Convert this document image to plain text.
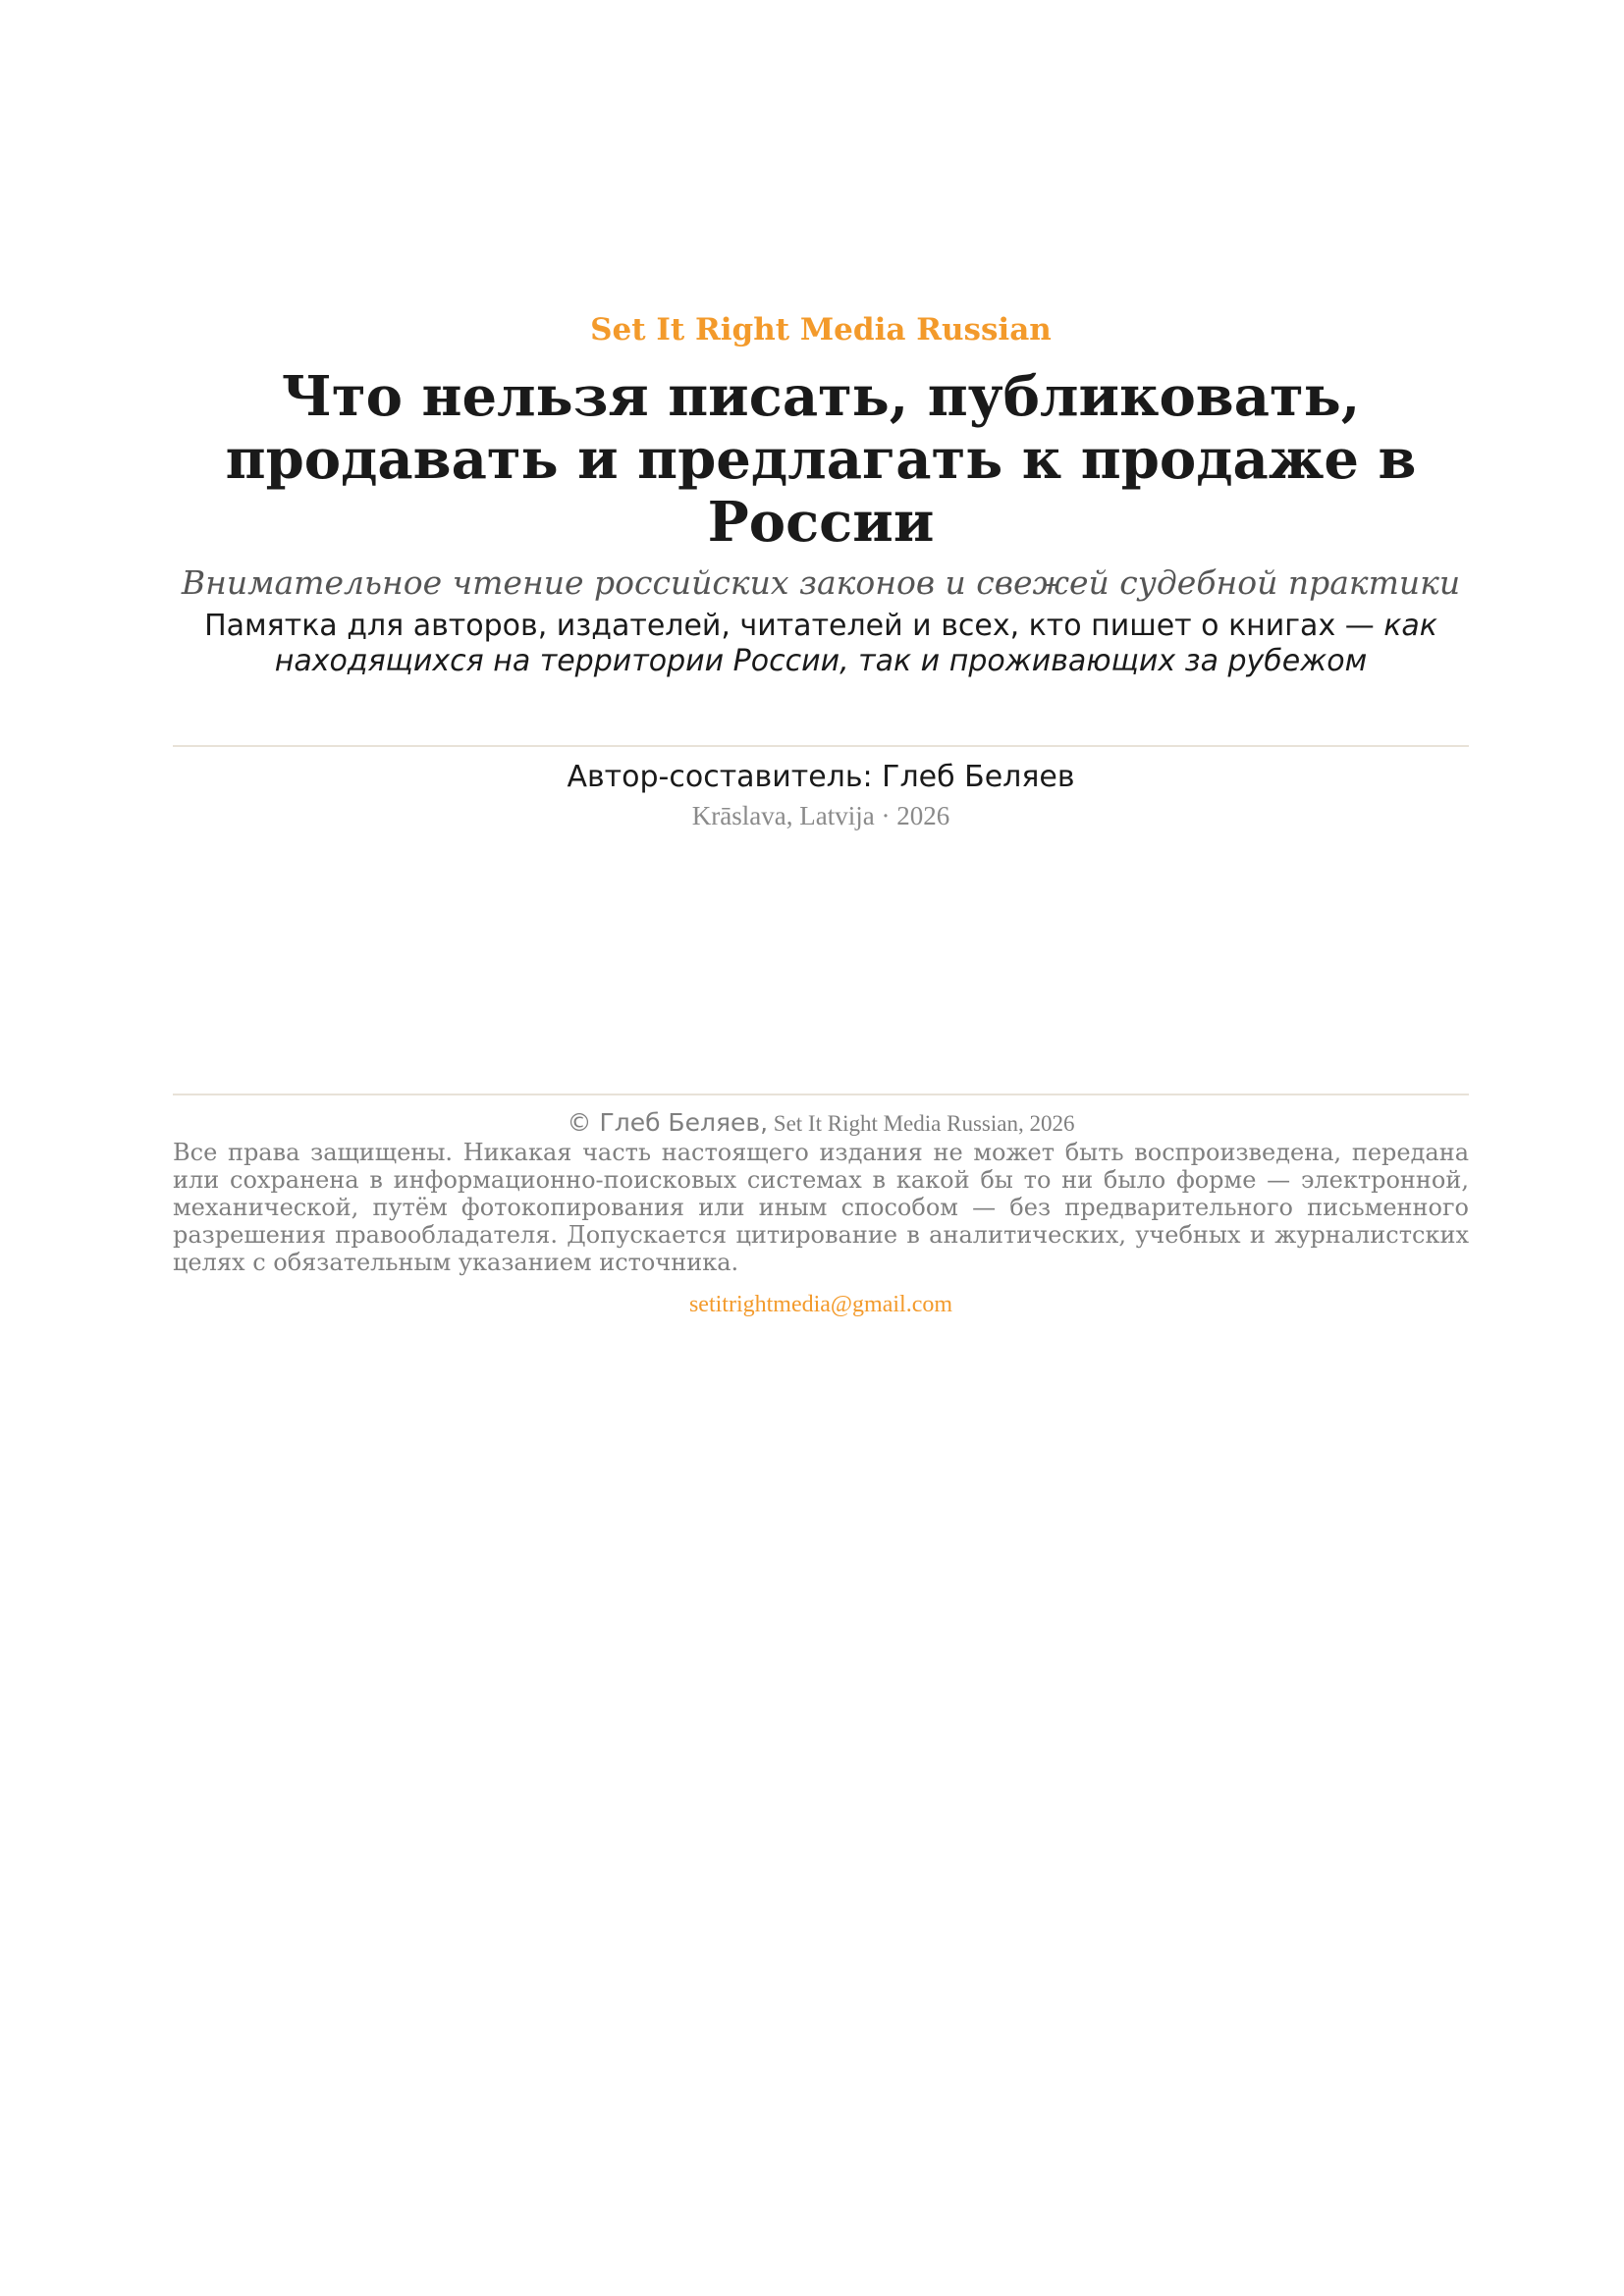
Set It Right Media Russian
Что нельзя писать, публиковать, продавать и предлагать к продаже в России
Внимательное чтение российских законов и свежей судебной практики
Памятка для авторов, издателей, читателей и всех, кто пишет о книгах — как находящихся на территории России, так и проживающих за рубежом
Автор-составитель: Глеб Беляев
Krāslava, Latvija · 2026
© Глеб Беляев, Set It Right Media Russian, 2026

Все права защищены. Никакая часть настоящего издания не может быть воспроизведена, передана или сохранена в информационно-поисковых системах в какой бы то ни было форме — электронной, механической, путём фотокопирования или иным способом — без предварительного письменного разрешения правообладателя. Допускается цитирование в аналитических, учебных и журналистских целях с обязательным указанием источника.

setitrightmedia@gmail.com
